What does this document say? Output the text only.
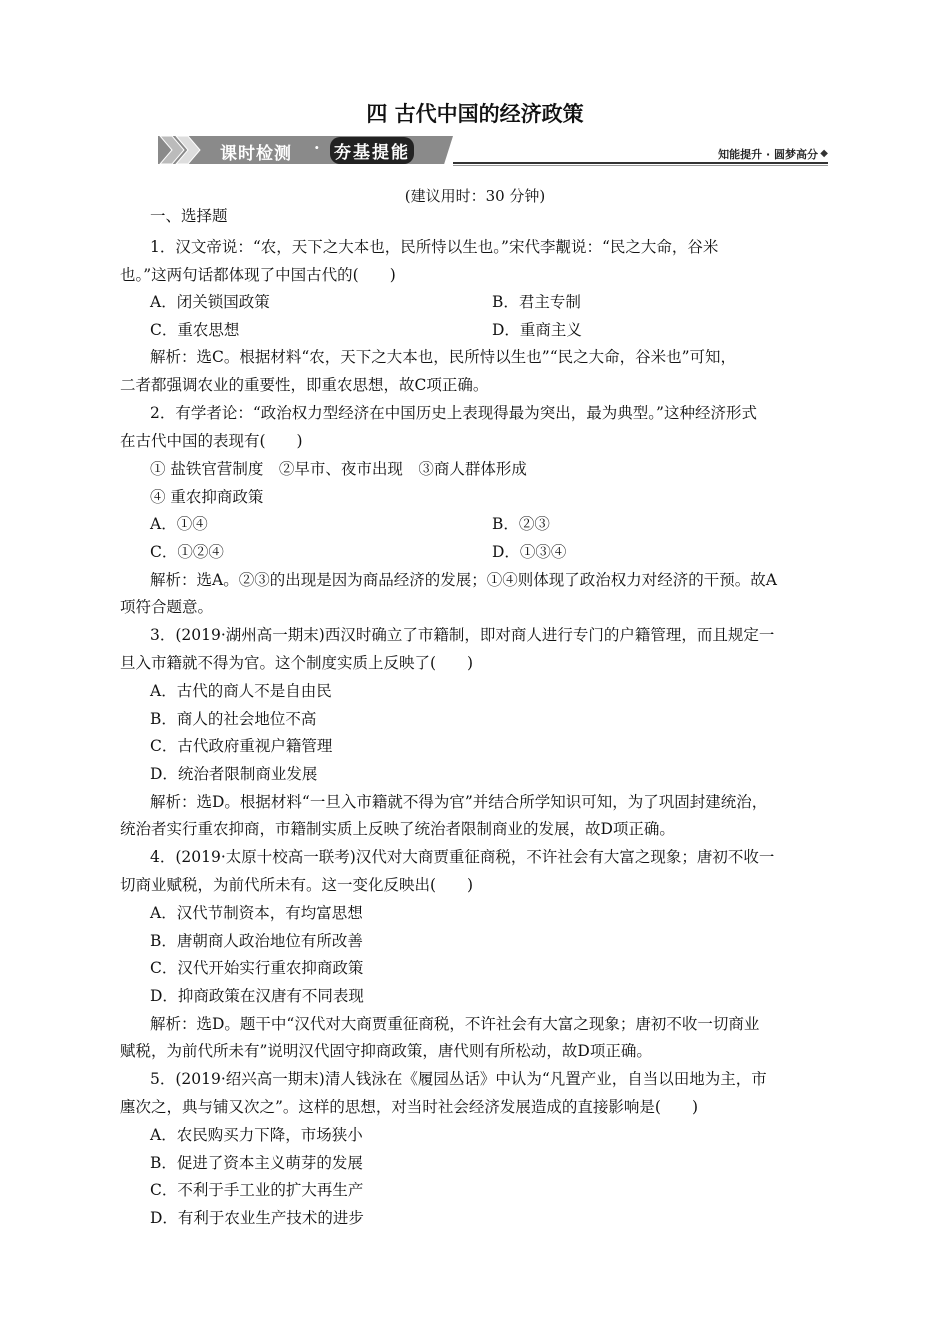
四 古代中国的经济政策
课时检测 · 夯基提能	知能提升 · 圆梦高分 ◆
(建议用时：30 分钟)
一、选择题
1．汉文帝说：“农，天下之大本也，民所恃以生也。”宋代李觏说：“民之大命，谷米
也。”这两句话都体现了中国古代的(　　)
A．闭关锁国政策	B．君主专制
C．重农思想	D．重商主义
解析：选C。根据材料“农，天下之大本也，民所恃以生也”“民之大命，谷米也”可知，
二者都强调农业的重要性，即重农思想，故C项正确。
2．有学者论：“政治权力型经济在中国历史上表现得最为突出，最为典型。”这种经济形式
在古代中国的表现有(　　)
① 盐铁官营制度　②早市、夜市出现　③商人群体形成
④ 重农抑商政策
A．①④	B．②③
C．①②④	D．①③④
解析：选A。②③的出现是因为商品经济的发展；①④则体现了政治权力对经济的干预。故A
项符合题意。
3．(2019·湖州高一期末)西汉时确立了市籍制，即对商人进行专门的户籍管理，而且规定一
旦入市籍就不得为官。这个制度实质上反映了(　　)
A．古代的商人不是自由民
B．商人的社会地位不高
C．古代政府重视户籍管理
D．统治者限制商业发展
解析：选D。根据材料“一旦入市籍就不得为官”并结合所学知识可知，为了巩固封建统治，
统治者实行重农抑商，市籍制实质上反映了统治者限制商业的发展，故D项正确。
4．(2019·太原十校高一联考)汉代对大商贾重征商税，不许社会有大富之现象；唐初不收一
切商业赋税，为前代所未有。这一变化反映出(　　)
A．汉代节制资本，有均富思想
B．唐朝商人政治地位有所改善
C．汉代开始实行重农抑商政策
D．抑商政策在汉唐有不同表现
解析：选D。题干中“汉代对大商贾重征商税，不许社会有大富之现象；唐初不收一切商业
赋税，为前代所未有”说明汉代固守抑商政策，唐代则有所松动，故D项正确。
5．(2019·绍兴高一期末)清人钱泳在《履园丛话》中认为“凡置产业，自当以田地为主，市
廛次之，典与铺又次之”。这样的思想，对当时社会经济发展造成的直接影响是(　　)
A．农民购买力下降，市场狭小
B．促进了资本主义萌芽的发展
C．不利于手工业的扩大再生产
D．有利于农业生产技术的进步
